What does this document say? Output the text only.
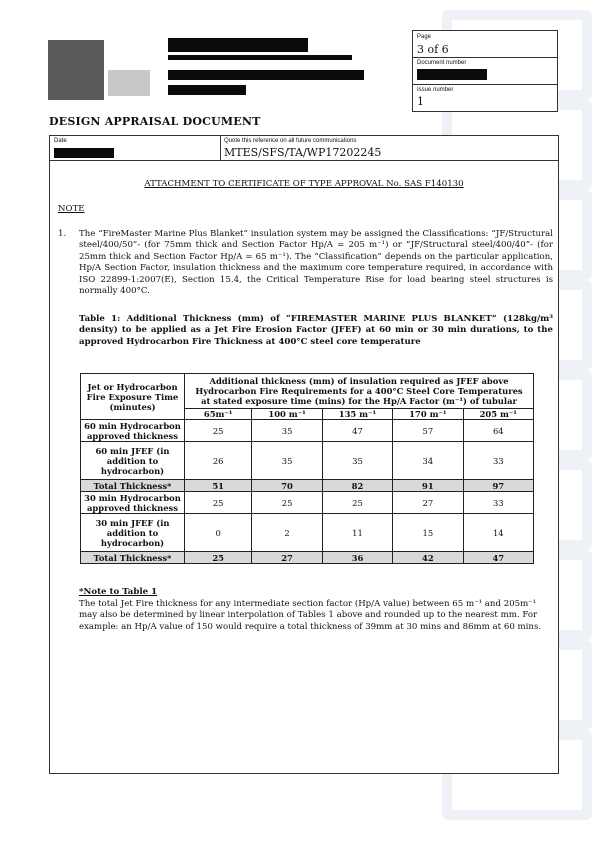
Page
3 of 6
Document number
Issue number
1
DESIGN APPRAISAL DOCUMENT
Date	Quote this reference on all future communications
MTES/SFS/TA/WP17202245
ATTACHMENT TO CERTIFICATE OF TYPE APPROVAL No. SAS F140130
NOTE
1. The “FireMaster Marine Plus Blanket” insulation system may be assigned the Classifications: “JF/Structural steel/400/50”- (for 75mm thick and Section Factor Hp/A = 205 m⁻¹) or “JF/Structural steel/400/40”- (for 25mm thick and Section Factor Hp/A = 65 m⁻¹). The “Classification” depends on the particular application, Hp/A Section Factor, insulation thickness and the maximum core temperature required, in accordance with ISO 22899-1:2007(E), Section 15.4, the Critical Temperature Rise for load bearing steel structures is normally 400°C.
Table 1: Additional Thickness (mm) of “FIREMASTER MARINE PLUS BLANKET” (128kg/m³ density) to be applied as a Jet Fire Erosion Factor (JFEF) at 60 min or 30 min durations, to the approved Hydrocarbon Fire Thickness at 400°C steel core temperature
Jet or Hydrocarbon Fire Exposure Time (minutes)	Additional thickness (mm) of insulation required as JFEF above Hydrocarbon Fire Requirements for a 400°C Steel Core Temperatures at stated exposure time (mins) for the Hp/A Factor (m⁻¹) of tubular				
	65m⁻¹	100 m⁻¹	135 m⁻¹	170 m⁻¹	205 m⁻¹
60 min Hydrocarbon approved thickness	25	35	47	57	64
60 min JFEF (in addition to hydrocarbon)	26	35	35	34	33
Total Thickness*	51	70	82	91	97
30 min Hydrocarbon approved thickness	25	25	25	27	33
30 min JFEF (in addition to hydrocarbon)	0	2	11	15	14
Total Thickness*	25	27	36	42	47
*Note to Table 1
The total Jet Fire thickness for any intermediate section factor (Hp/A value) between 65 m⁻¹ and 205m⁻¹ may also be determined by linear interpolation of Tables 1 above and rounded up to the nearest mm. For example: an Hp/A value of 150 would require a total thickness of 39mm at 30 mins and 86mm at 60 mins.
